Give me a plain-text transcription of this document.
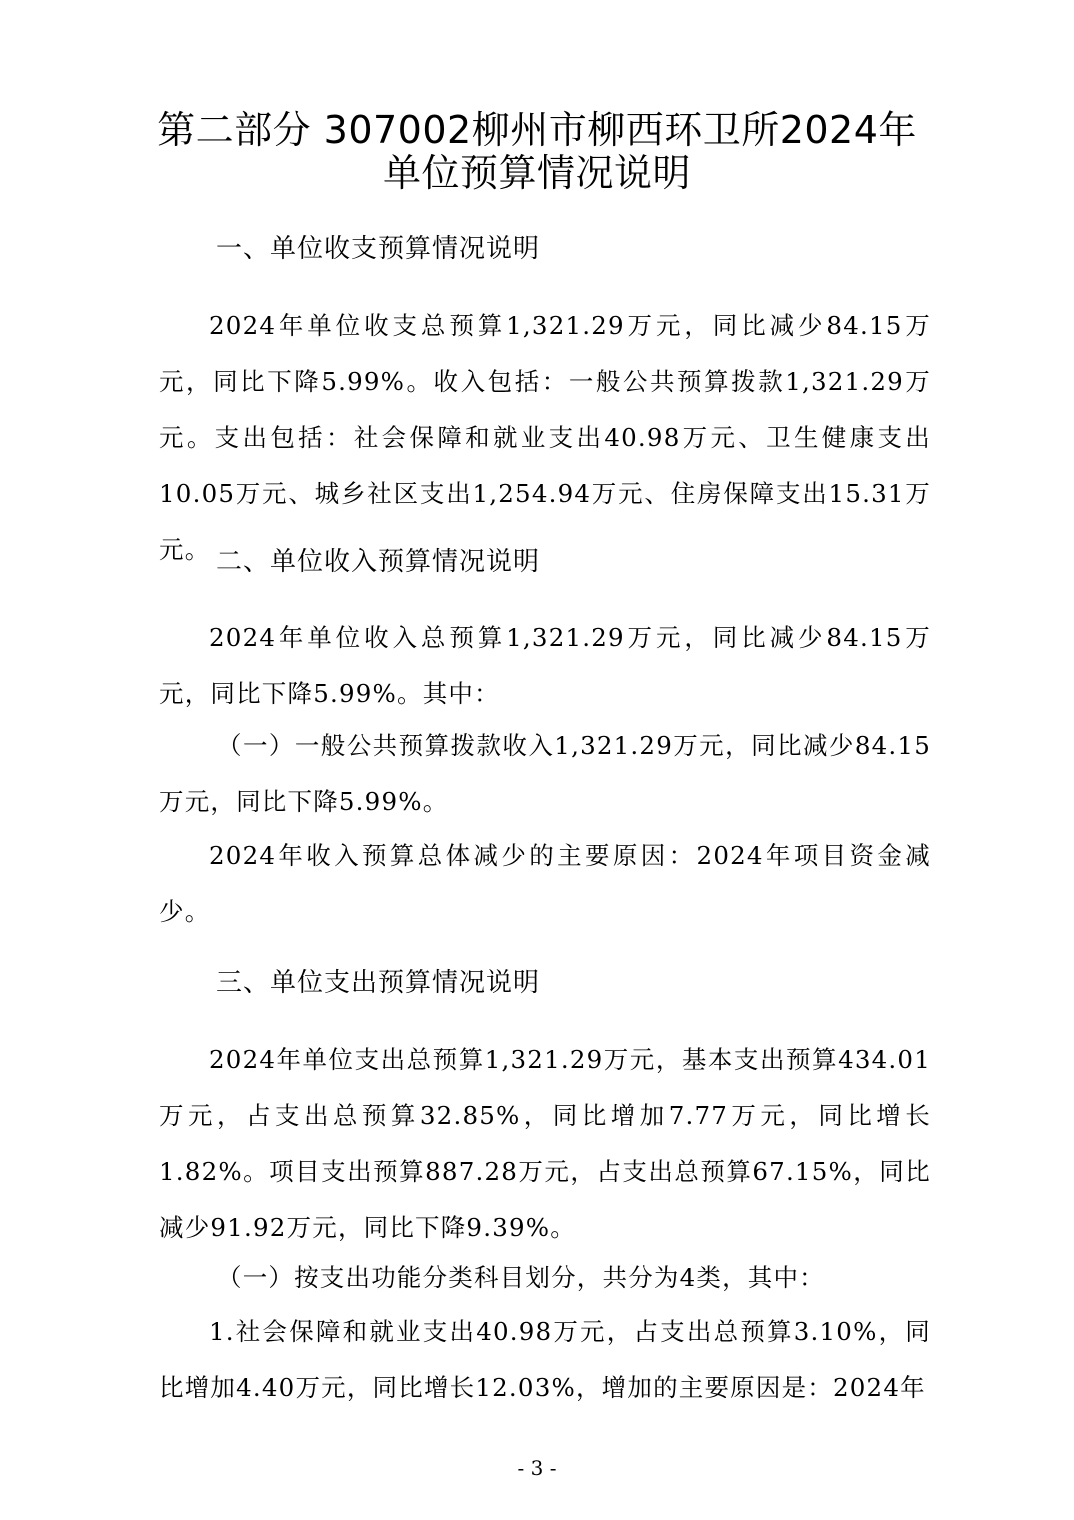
第二部分 307002柳州市柳西环卫所2024年
单位预算情况说明
一、单位收支预算情况说明

2024年单位收支总预算1,321.29万元，同比减少84.15万元，同比下降5.99%。收入包括：一般公共预算拨款1,321.29万元。支出包括：社会保障和就业支出40.98万元、卫生健康支出10.05万元、城乡社区支出1,254.94万元、住房保障支出15.31万元。 二、单位收入预算情况说明

2024年单位收入总预算1,321.29万元，同比减少84.15万元，同比下降5.99%。其中：

（一）一般公共预算拨款收入1,321.29万元，同比减少84.15万元，同比下降5.99%。

2024年收入预算总体减少的主要原因：2024年项目资金减少。

三、单位支出预算情况说明

2024年单位支出总预算1,321.29万元，基本支出预算434.01万元，占支出总预算32.85%，同比增加7.77万元，同比增长1.82%。项目支出预算887.28万元，占支出总预算67.15%，同比减少91.92万元，同比下降9.39%。

（一）按支出功能分类科目划分，共分为4类，其中：

1.社会保障和就业支出40.98万元，占支出总预算3.10%，同比增加4.40万元，同比增长12.03%，增加的主要原因是：2024年

- 3 -
